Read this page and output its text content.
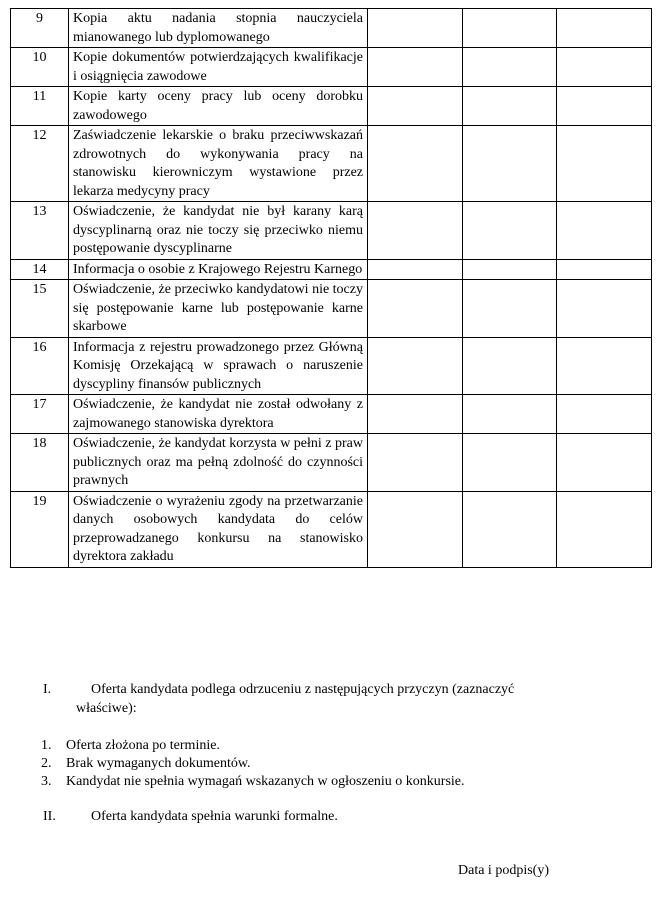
9	Kopia aktu nadania stopnia nauczyciela mianowanego lub dyplomowanego			
10	Kopie dokumentów potwierdzających kwalifikacje i osiągnięcia zawodowe			
11	Kopie karty oceny pracy lub oceny dorobku zawodowego			
12	Zaświadczenie lekarskie o braku przeciwwskazań zdrowotnych do wykonywania pracy na stanowisku kierowniczym wystawione przez lekarza medycyny pracy			
13	Oświadczenie, że kandydat nie był karany karą dyscyplinarną oraz nie toczy się przeciwko niemu postępowanie dyscyplinarne			
14	Informacja o osobie z Krajowego Rejestru Karnego			
15	Oświadczenie, że przeciwko kandydatowi nie toczy się postępowanie karne lub postępowanie karne skarbowe			
16	Informacja z rejestru prowadzonego przez Główną Komisję Orzekającą w sprawach o naruszenie dyscypliny finansów publicznych			
17	Oświadczenie, że kandydat nie został odwołany z zajmowanego stanowiska dyrektora			
18	Oświadczenie, że kandydat korzysta w pełni z praw publicznych oraz ma pełną zdolność do czynności prawnych			
19	Oświadczenie o wyrażeniu zgody na przetwarzanie danych osobowych kandydata do celów przeprowadzanego konkursu na stanowisko dyrektora zakładu			
I.	Oferta kandydata podlega odrzuceniu z następujących przyczyn (zaznaczyć
właściwe):
1. Oferta złożona po terminie.
2. Brak wymaganych dokumentów.
3. Kandydat nie spełnia wymagań wskazanych w ogłoszeniu o konkursie.
II.	Oferta kandydata spełnia warunki formalne.
Data i podpis(y)
